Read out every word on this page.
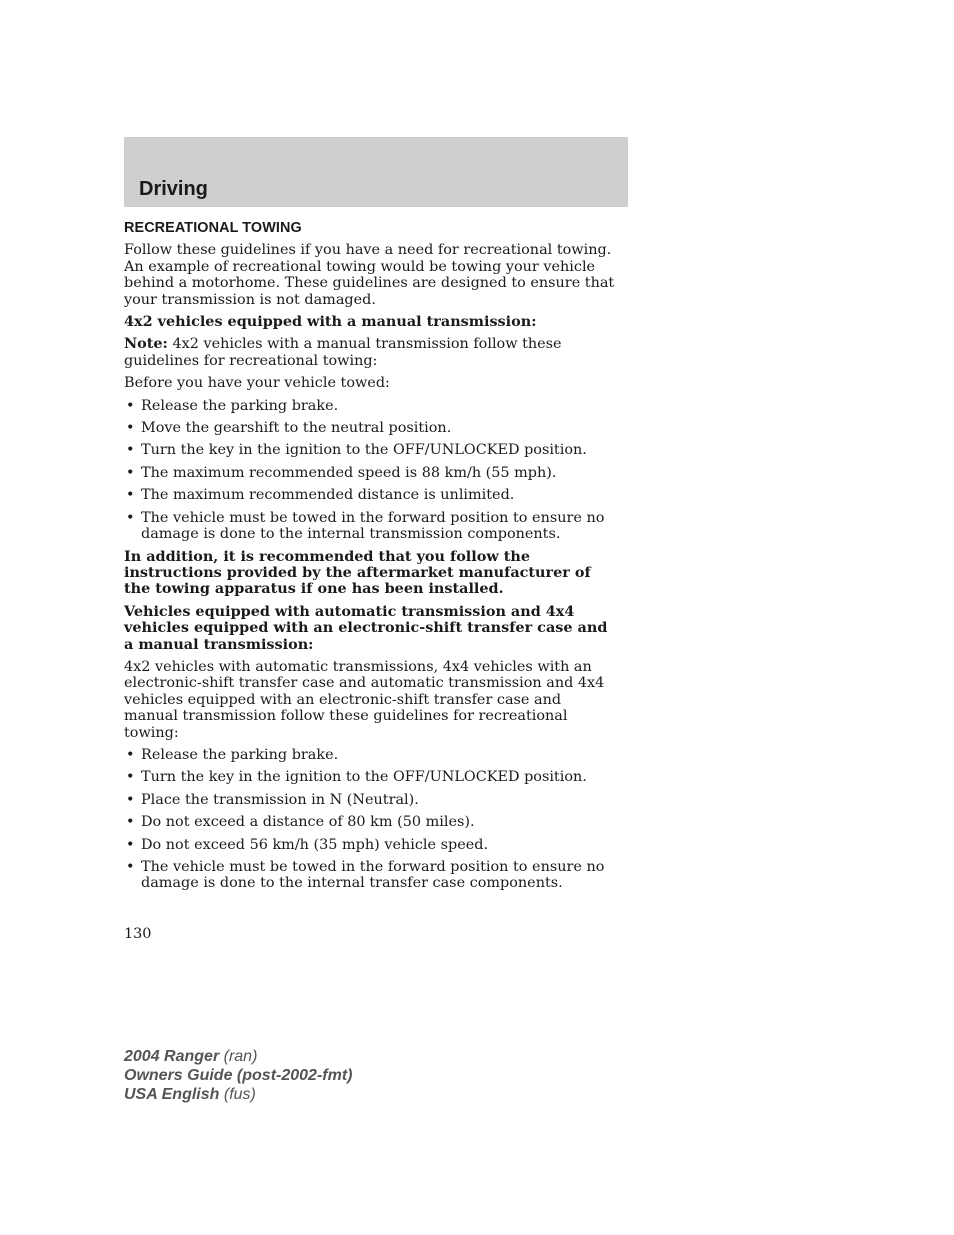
Driving
RECREATIONAL TOWING

Follow these guidelines if you have a need for recreational towing. An example of recreational towing would be towing your vehicle behind a motorhome. These guidelines are designed to ensure that your transmission is not damaged.

4x2 vehicles equipped with a manual transmission:

Note: 4x2 vehicles with a manual transmission follow these guidelines for recreational towing:

Before you have your vehicle towed:

• Release the parking brake.
• Move the gearshift to the neutral position.
• Turn the key in the ignition to the OFF/UNLOCKED position.
• The maximum recommended speed is 88 km/h (55 mph).
• The maximum recommended distance is unlimited.
• The vehicle must be towed in the forward position to ensure no damage is done to the internal transmission components.

In addition, it is recommended that you follow the instructions provided by the aftermarket manufacturer of the towing apparatus if one has been installed.

Vehicles equipped with automatic transmission and 4x4 vehicles equipped with an electronic-shift transfer case and a manual transmission:

4x2 vehicles with automatic transmissions, 4x4 vehicles with an electronic-shift transfer case and automatic transmission and 4x4 vehicles equipped with an electronic-shift transfer case and manual transmission follow these guidelines for recreational towing:

• Release the parking brake.
• Turn the key in the ignition to the OFF/UNLOCKED position.
• Place the transmission in N (Neutral).
• Do not exceed a distance of 80 km (50 miles).
• Do not exceed 56 km/h (35 mph) vehicle speed.
• The vehicle must be towed in the forward position to ensure no damage is done to the internal transfer case components.
130
2004 Ranger (ran)
Owners Guide (post-2002-fmt)
USA English (fus)
